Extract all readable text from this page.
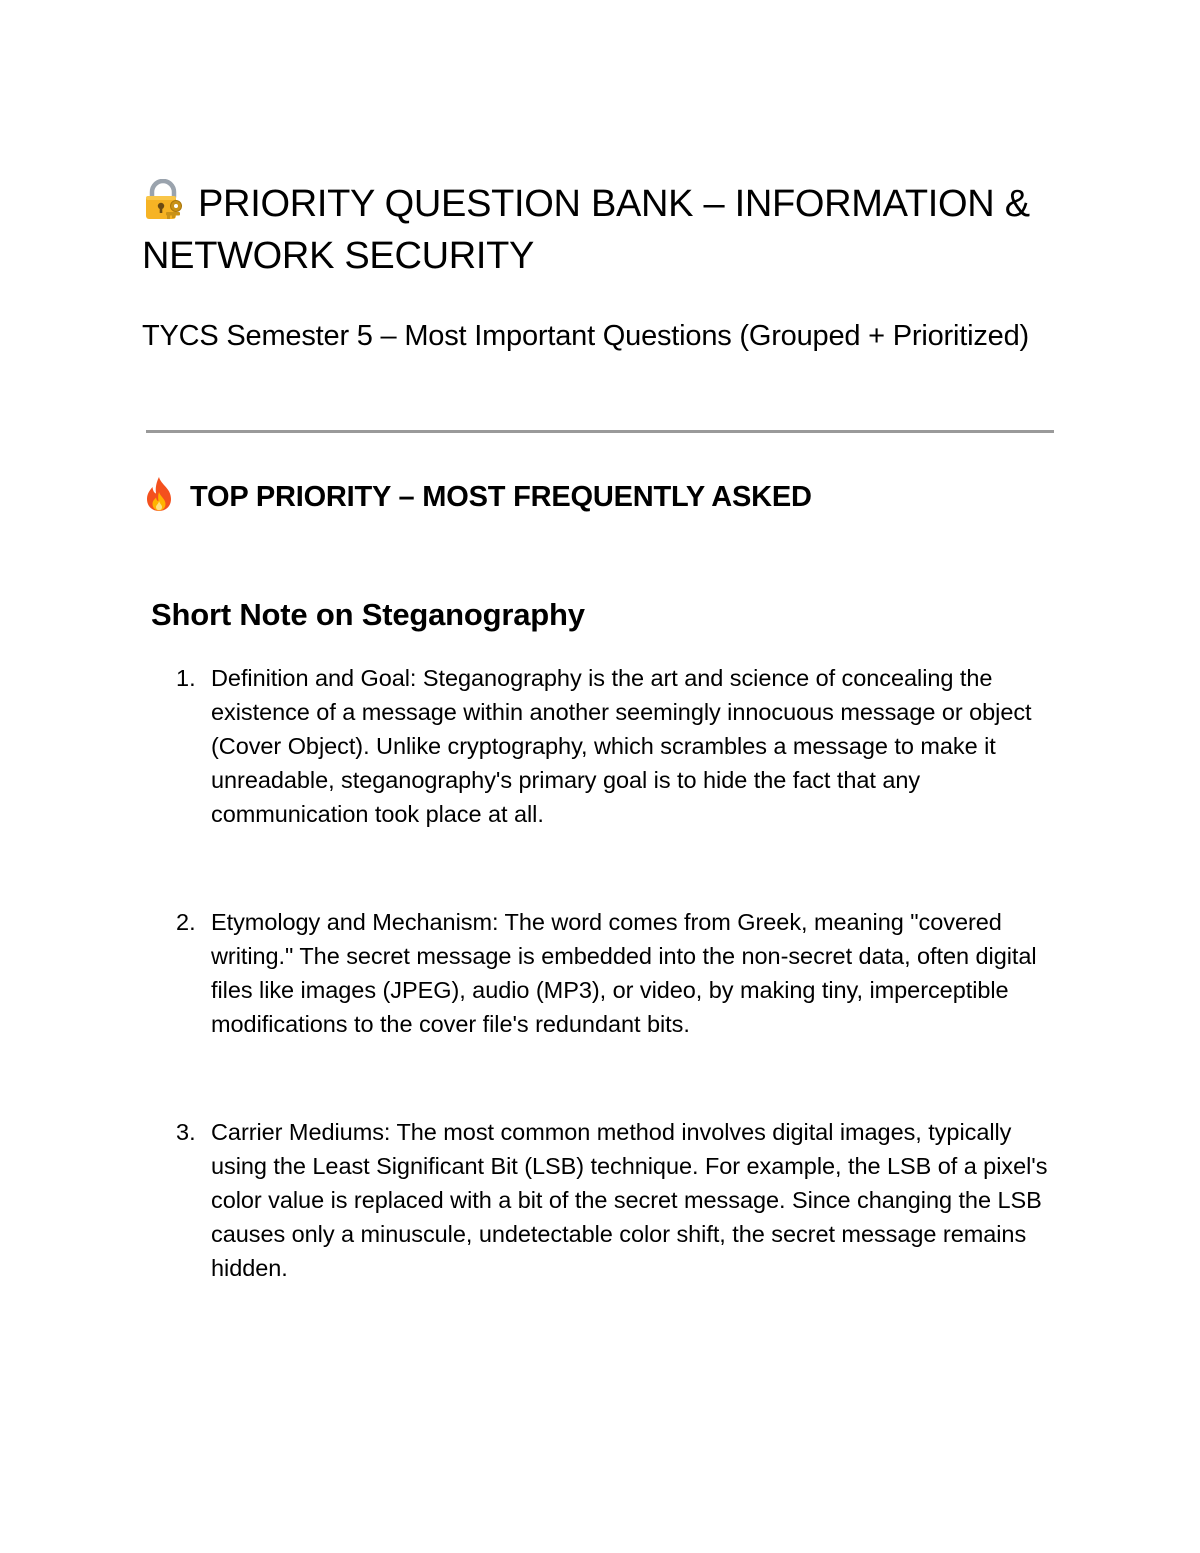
PRIORITY QUESTION BANK – INFORMATION & NETWORK SECURITY

TYCS Semester 5 – Most Important Questions (Grouped + Prioritized)

TOP PRIORITY – MOST FREQUENTLY ASKED
Short Note on Steganography
1. Definition and Goal: Steganography is the art and science of concealing the existence of a message within another seemingly innocuous message or object (Cover Object). Unlike cryptography, which scrambles a message to make it unreadable, steganography's primary goal is to hide the fact that any communication took place at all.

2. Etymology and Mechanism: The word comes from Greek, meaning "covered writing." The secret message is embedded into the non-secret data, often digital files like images (JPEG), audio (MP3), or video, by making tiny, imperceptible modifications to the cover file's redundant bits.

3. Carrier Mediums: The most common method involves digital images, typically using the Least Significant Bit (LSB) technique. For example, the LSB of a pixel's color value is replaced with a bit of the secret message. Since changing the LSB causes only a minuscule, undetectable color shift, the secret message remains hidden.
